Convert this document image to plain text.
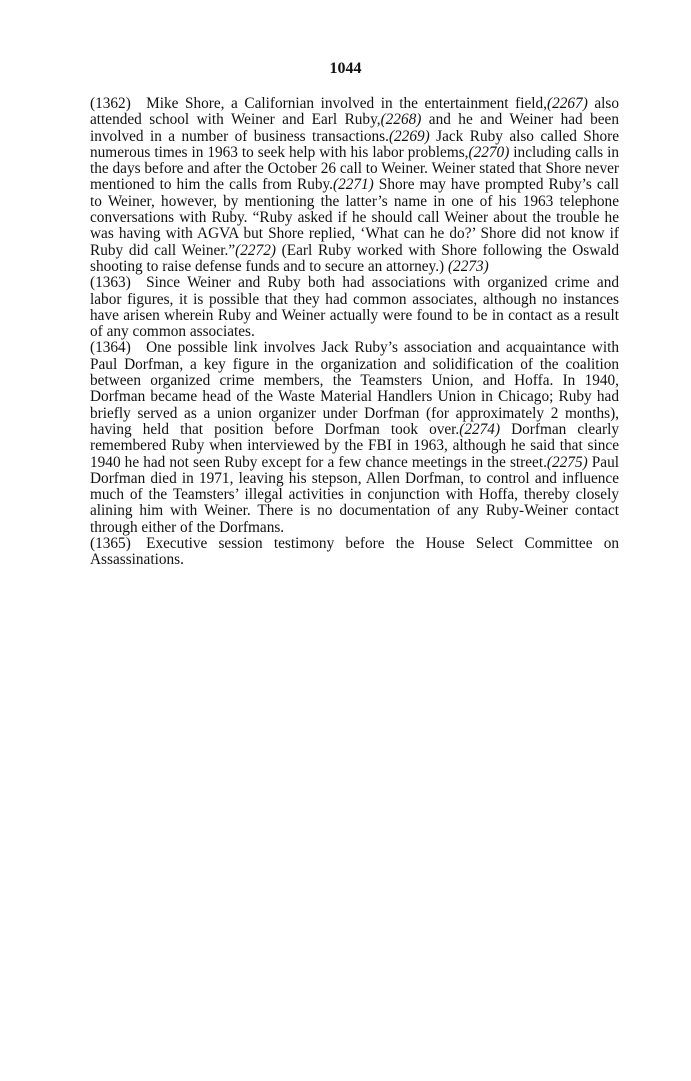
1044

(1362)  Mike Shore, a Californian involved in the entertainment field,(2267) also attended school with Weiner and Earl Ruby,(2268) and he and Weiner had been involved in a number of business transactions.(2269) Jack Ruby also called Shore numerous times in 1963 to seek help with his labor problems,(2270) including calls in the days before and after the October 26 call to Weiner. Weiner stated that Shore never mentioned to him the calls from Ruby.(2271) Shore may have prompted Ruby’s call to Weiner, however, by mentioning the latter’s name in one of his 1963 telephone conversations with Ruby. “Ruby asked if he should call Weiner about the trouble he was having with AGVA but Shore replied, ‘What can he do?’ Shore did not know if Ruby did call Weiner.”(2272) (Earl Ruby worked with Shore following the Oswald shooting to raise defense funds and to secure an attorney.) (2273)

(1363)  Since Weiner and Ruby both had associations with organized crime and labor figures, it is possible that they had common associates, although no instances have arisen wherein Ruby and Weiner actually were found to be in contact as a result of any common associates.

(1364)  One possible link involves Jack Ruby’s association and acquaintance with Paul Dorfman, a key figure in the organization and solidification of the coalition between organized crime members, the Teamsters Union, and Hoffa. In 1940, Dorfman became head of the Waste Material Handlers Union in Chicago; Ruby had briefly served as a union organizer under Dorfman (for approximately 2 months), having held that position before Dorfman took over.(2274) Dorfman clearly remembered Ruby when interviewed by the FBI in 1963, although he said that since 1940 he had not seen Ruby except for a few chance meetings in the street.(2275) Paul Dorfman died in 1971, leaving his stepson, Allen Dorfman, to control and influence much of the Teamsters’ illegal activities in conjunction with Hoffa, thereby closely alining him with Weiner. There is no documentation of any Ruby-Weiner contact through either of the Dorfmans.

(1365)  Executive session testimony before the House Select Committee on Assassinations.
